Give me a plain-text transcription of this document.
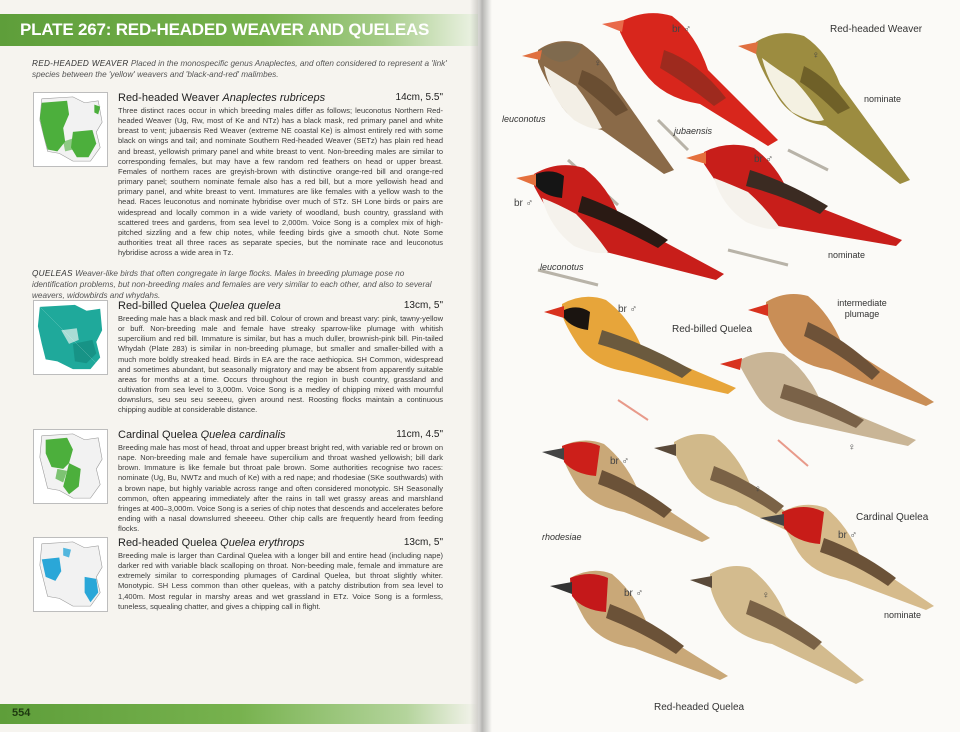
PLATE 267: RED-HEADED WEAVER AND QUELEAS
RED-HEADED WEAVER Placed in the monospecific genus Anaplectes, and often considered to represent a 'link' species between the 'yellow' weavers and 'black-and-red' malimbes.
Red-headed Weaver Anaplectes rubriceps	14cm, 5.5"
Three distinct races occur in which breeding males differ as follows; leuconotus Northern Red-headed Weaver (Ug, Rw, most of Ke and NTz) has a black mask, red primary panel and white breast to vent; jubaensis Red Weaver (extreme NE coastal Ke) is almost entirely red with some black on wings and tail; and nominate Southern Red-headed Weaver (SETz) has plain red head and breast, yellowish primary panel and white breast to vent. Non-breeding males are similar to corresponding females, but may have a few random red feathers on head or upper breast. Females of northern races are greyish-brown with distinctive orange-red bill and orange-red primary panel; southern nominate female also has a red bill, but a more yellowish head and primary panel, and white breast to vent. Immatures are like females with a yellow wash to the head. Races leuconotus and nominate hybridise over much of STz. SH Lone birds or pairs are widespread and locally common in a wide variety of woodland, bush country, grassland with scattered trees and gardens, from sea level to 2,000m. Voice Song is a complex mix of high-pitched sizzling and a few chip notes, while feeding birds give a smooth chut. Note Some authorities treat all three races as separate species, but the nominate race and leuconotus hybridise across a wide area in Tz.
QUELEAS Weaver-like birds that often congregate in large flocks. Males in breeding plumage pose no identification problems, but non-breeding males and females are very similar to each other, and also to several weavers, widowbirds and whydahs.
Red-billed Quelea Quelea quelea	13cm, 5"
Breeding male has a black mask and red bill. Colour of crown and breast vary: pink, tawny-yellow or buff. Non-breeding male and female have streaky sparrow-like plumage with whitish supercilium and red bill. Immature is similar, but has a much duller, brownish-pink bill. Pin-tailed Whydah (Plate 283) is similar in non-breeding plumage, but smaller and smaller-billed with a much more boldly streaked head. Birds in EA are the race aethiopica. SH Common, widespread and sometimes abundant, but seasonally migratory and may be absent from apparently suitable areas for months at a time. Occurs throughout the region in bush country, grassland and cultivation from sea level to 3,000m. Voice Song is a medley of chipping mixed with mournful downslurs, seu seu seu seeeeu, given around nest. Roosting flocks maintain a continuous chipping audible at considerable distance.
Cardinal Quelea Quelea cardinalis	11cm, 4.5"
Breeding male has most of head, throat and upper breast bright red, with variable red or brown on nape. Non-breeding male and female have supercilium and throat washed yellowish; bill dark brown. Immature is like female but throat pale brown. Some authorities recognise two races: nominate (Ug, Bu, NWTz and much of Ke) with a red nape; and rhodesiae (SKe southwards) with a brown nape, but highly variable across range and often considered monotypic. SH Seasonally common, often appearing immediately after the rains in tall wet grassy areas and marshland fringes at 400–3,000m. Voice Song is a series of chip notes that descends and accelerates before ending with a nasal downslurred sheeeeu. Other chip calls are frequently heard from feeding flocks.
Red-headed Quelea Quelea erythrops	13cm, 5"
Breeding male is larger than Cardinal Quelea with a longer bill and entire head (including nape) darker red with variable black scalloping on throat. Non-beeding male, female and immature are extremely similar to corresponding plumages of Cardinal Quelea, but throat slightly whiter. Monotypic. SH Less common than other queleas, with a patchy distribution from sea level to 1,400m. Most regular in marshy areas and wet grassland in ETz. Voice Song is a formless, tuneless, squealing chatter, and gives a chipping call in flight.
554
Red-headed Weaver
br ♂
♀
♀
leuconotus
jubaensis
nominate
br ♂
br ♂
leuconotus
nominate
br ♂
Red-billed Quelea
intermediate plumage
♀
br ♂
♀
rhodesiae
Cardinal Quelea
br ♂
nominate
br ♂	♀
Red-headed Quelea
